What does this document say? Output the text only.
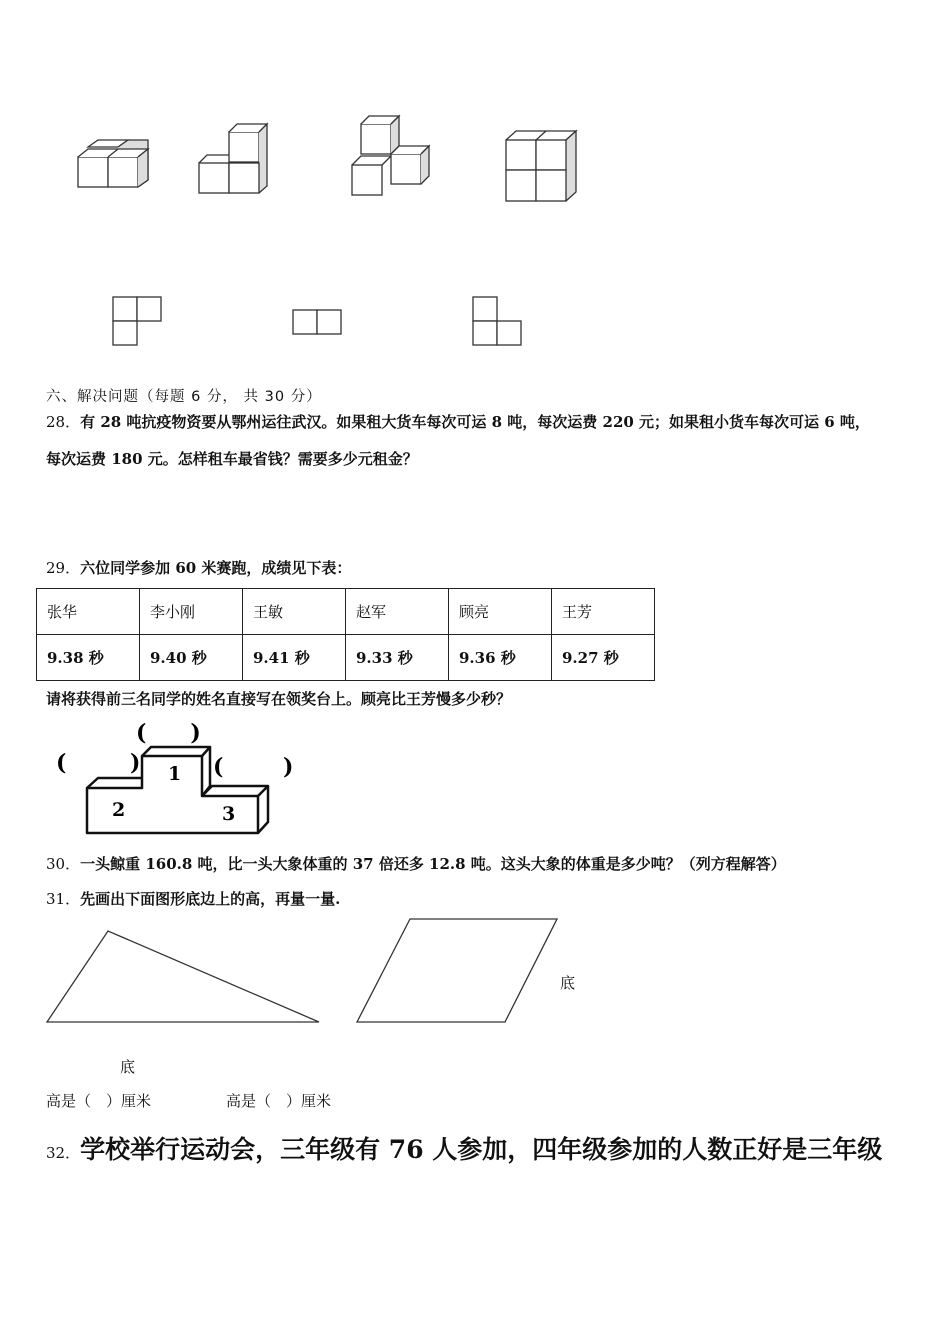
六、解决问题（每题 6 分， 共 30 分）
28．有 28 吨抗疫物资要从鄂州运往武汉。如果租大货车每次可运 8 吨，每次运费 220 元；如果租小货车每次可运 6 吨，
每次运费 180 元。怎样租车最省钱？需要多少元租金？
29．六位同学参加 60 米赛跑，成绩见下表：
张华	李小刚	王敏	赵军	顾亮	王芳
9.38 秒	9.40 秒	9.41 秒	9.33 秒	9.36 秒	9.27 秒
请将获得前三名同学的姓名直接写在领奖台上。顾亮比王芳慢多少秒？
1
2	3
(　　)
(	)	(	)
30．一头鲸重 160.8 吨，比一头大象体重的 37 倍还多 12.8 吨。这头大象的体重是多少吨？（列方程解答）
31．先画出下面图形底边上的高，再量一量.
底
底
高是（　）厘米	高是（　）厘米
32．学校举行运动会，三年级有 76 人参加，四年级参加的人数正好是三年级
